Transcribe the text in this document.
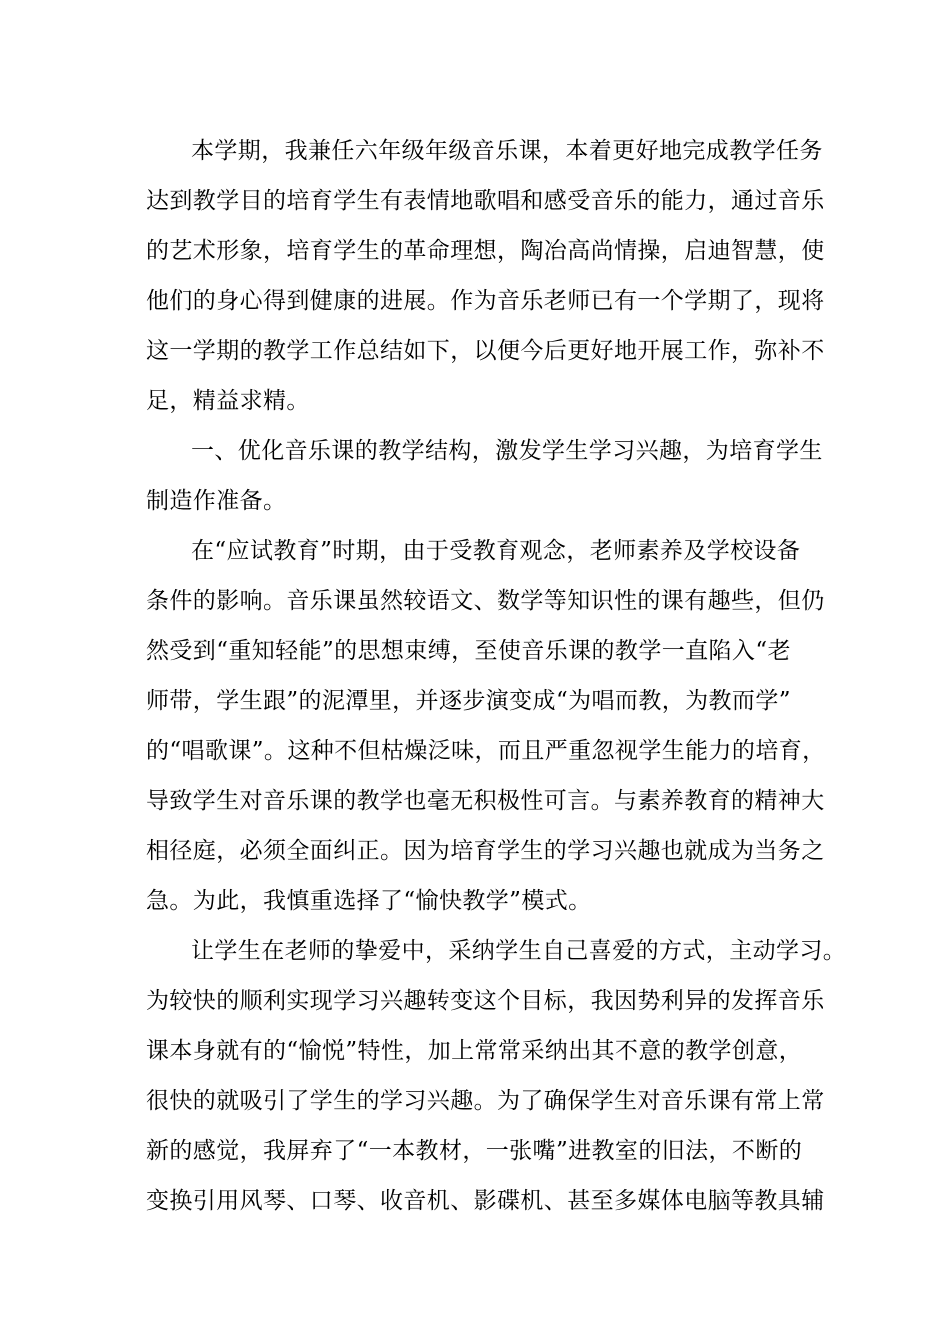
本学期，我兼任六年级年级音乐课，本着更好地完成教学任务
达到教学目的培育学生有表情地歌唱和感受音乐的能力，通过音乐
的艺术形象，培育学生的革命理想，陶冶高尚情操，启迪智慧，使
他们的身心得到健康的进展。作为音乐老师已有一个学期了，现将
这一学期的教学工作总结如下，以便今后更好地开展工作，弥补不
足，精益求精。
一、优化音乐课的教学结构，激发学生学习兴趣，为培育学生
制造作准备。
在“应试教育”时期，由于受教育观念，老师素养及学校设备
条件的影响。音乐课虽然较语文、数学等知识性的课有趣些，但仍
然受到“重知轻能”的思想束缚，至使音乐课的教学一直陷入“老
师带，学生跟”的泥潭里，并逐步演变成“为唱而教，为教而学”
的“唱歌课”。这种不但枯燥泛味，而且严重忽视学生能力的培育，
导致学生对音乐课的教学也毫无积极性可言。与素养教育的精神大
相径庭，必须全面纠正。因为培育学生的学习兴趣也就成为当务之
急。为此，我慎重选择了“愉快教学”模式。
让学生在老师的挚爱中，采纳学生自己喜爱的方式，主动学习。
为较快的顺利实现学习兴趣转变这个目标，我因势利异的发挥音乐
课本身就有的“愉悦”特性，加上常常采纳出其不意的教学创意，
很快的就吸引了学生的学习兴趣。为了确保学生对音乐课有常上常
新的感觉，我屏弃了“一本教材，一张嘴”进教室的旧法，不断的
变换引用风琴、口琴、收音机、影碟机、甚至多媒体电脑等教具辅
